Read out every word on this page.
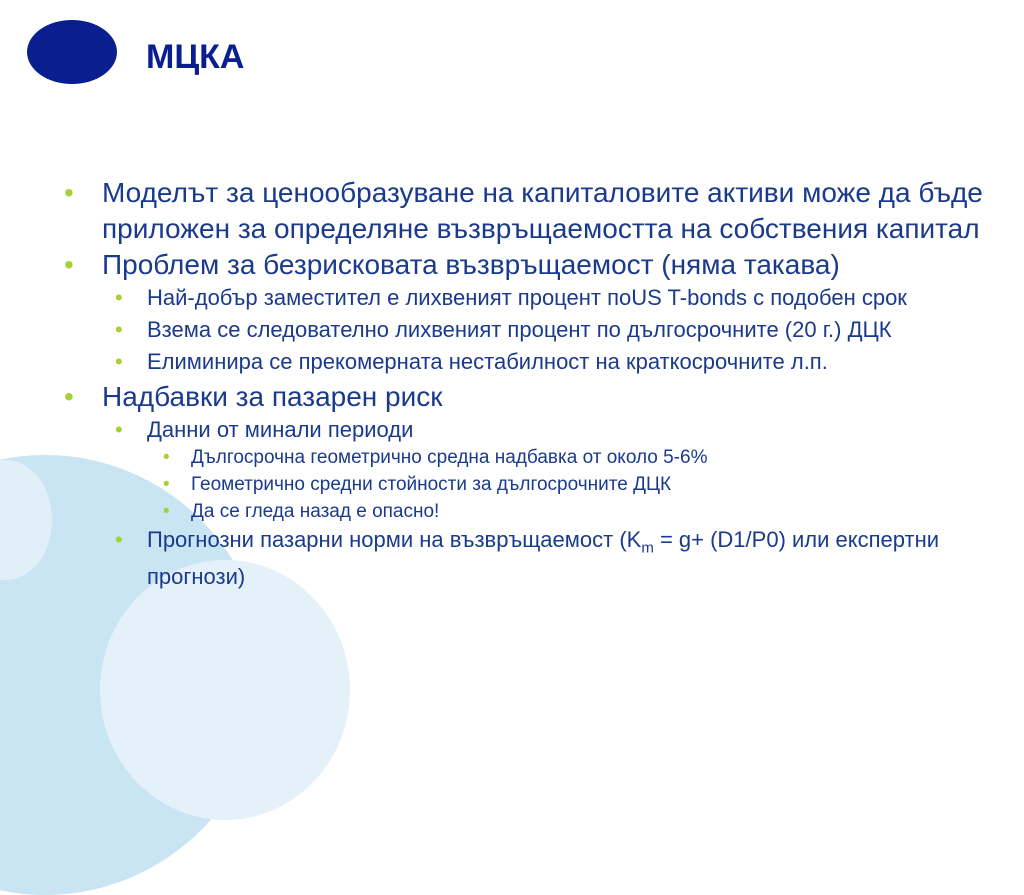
МЦКА
• Моделът за ценообразуване на капиталовите активи може да бъде приложен за определяне възвръщаемостта на собствения капитал
• Проблем за безрисковата възвръщаемост (няма такава)
• Най-добър заместител е лихвеният процент поUS T-bonds с подобен срок
• Взема се следователно лихвеният процент по дългосрочните (20 г.) ДЦК
• Елиминира се прекомерната нестабилност на краткосрочните л.п.
• Надбавки за пазарен риск
• Данни от минали периоди
• Дългосрочна геометрично средна надбавка от около 5-6%
• Геометрично средни стойности за дългосрочните ДЦК
• Да се гледа назад е опасно!
• Прогнозни пазарни норми на възвръщаемост ($K_m = g+ (D1/P0)$ или експертни прогнози)
